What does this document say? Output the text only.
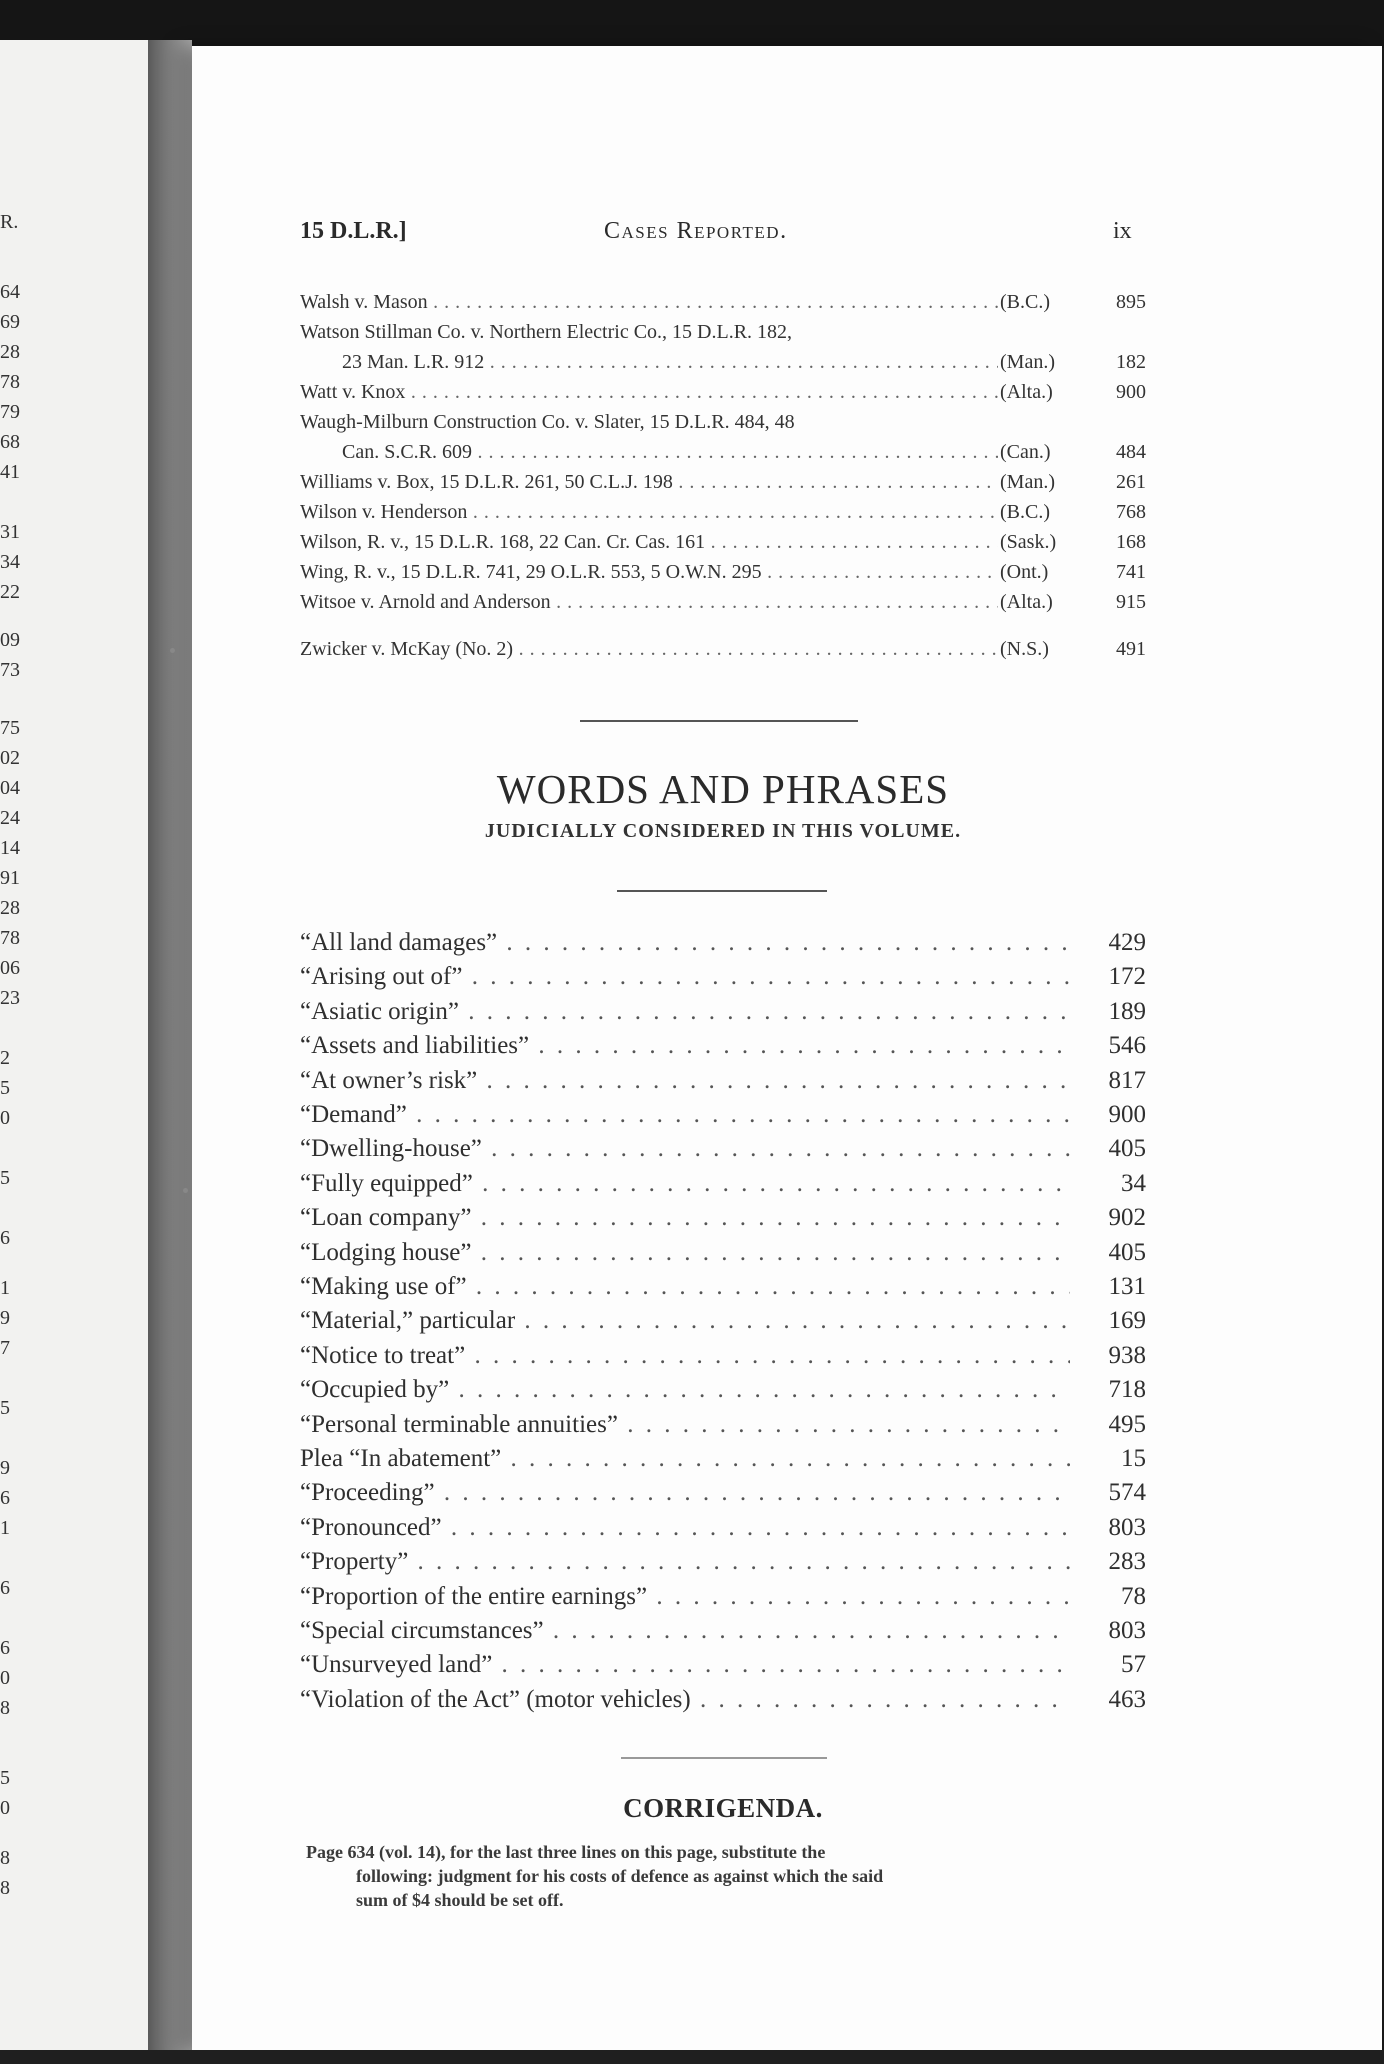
R.
64
69
28
78
79
68
41
31
34
22
09
73
75
02
04
24
14
91
28
78
06
23
2
5
0
5
6
1
9
7
5
9
6
1
6
6
0
8
5
0
8
8
15 D.L.R.]	Cases Reported.	ix
Walsh v. Mason . . .	(B.C.)	895
Watson Stillman Co. v. Northern Electric Co., 15 D.L.R. 182,
23 Man. L.R. 912 . . .	(Man.)	182
Watt v. Knox . . .	(Alta.)	900
Waugh-Milburn Construction Co. v. Slater, 15 D.L.R. 484, 48
Can. S.C.R. 609 . . .	(Can.)	484
Williams v. Box, 15 D.L.R. 261, 50 C.L.J. 198 . . .	(Man.)	261
Wilson v. Henderson . . .	(B.C.)	768
Wilson, R. v., 15 D.L.R. 168, 22 Can. Cr. Cas. 161 . . .	(Sask.)	168
Wing, R. v., 15 D.L.R. 741, 29 O.L.R. 553, 5 O.W.N. 295 . . .	(Ont.)	741
Witsoe v. Arnold and Anderson . . .	(Alta.)	915
Zwicker v. McKay (No. 2) . . .	(N.S.)	491
WORDS AND PHRASES
JUDICIALLY CONSIDERED IN THIS VOLUME.
“All land damages” . . .	429
“Arising out of” . . .	172
“Asiatic origin” . . .	189
“Assets and liabilities” . . .	546
“At owner’s risk” . . .	817
“Demand” . . .	900
“Dwelling-house” . . .	405
“Fully equipped” . . .	34
“Loan company” . . .	902
“Lodging house” . . .	405
“Making use of” . . .	131
“Material,” particular . . .	169
“Notice to treat” . . .	938
“Occupied by” . . .	718
“Personal terminable annuities” . . .	495
Plea “In abatement” . . .	15
“Proceeding” . . .	574
“Pronounced” . . .	803
“Property” . . .	283
“Proportion of the entire earnings” . . .	78
“Special circumstances” . . .	803
“Unsurveyed land” . . .	57
“Violation of the Act” (motor vehicles) . . .	463
CORRIGENDA.
Page 634 (vol. 14), for the last three lines on this page, substitute the
following: judgment for his costs of defence as against which the said
sum of $4 should be set off.
